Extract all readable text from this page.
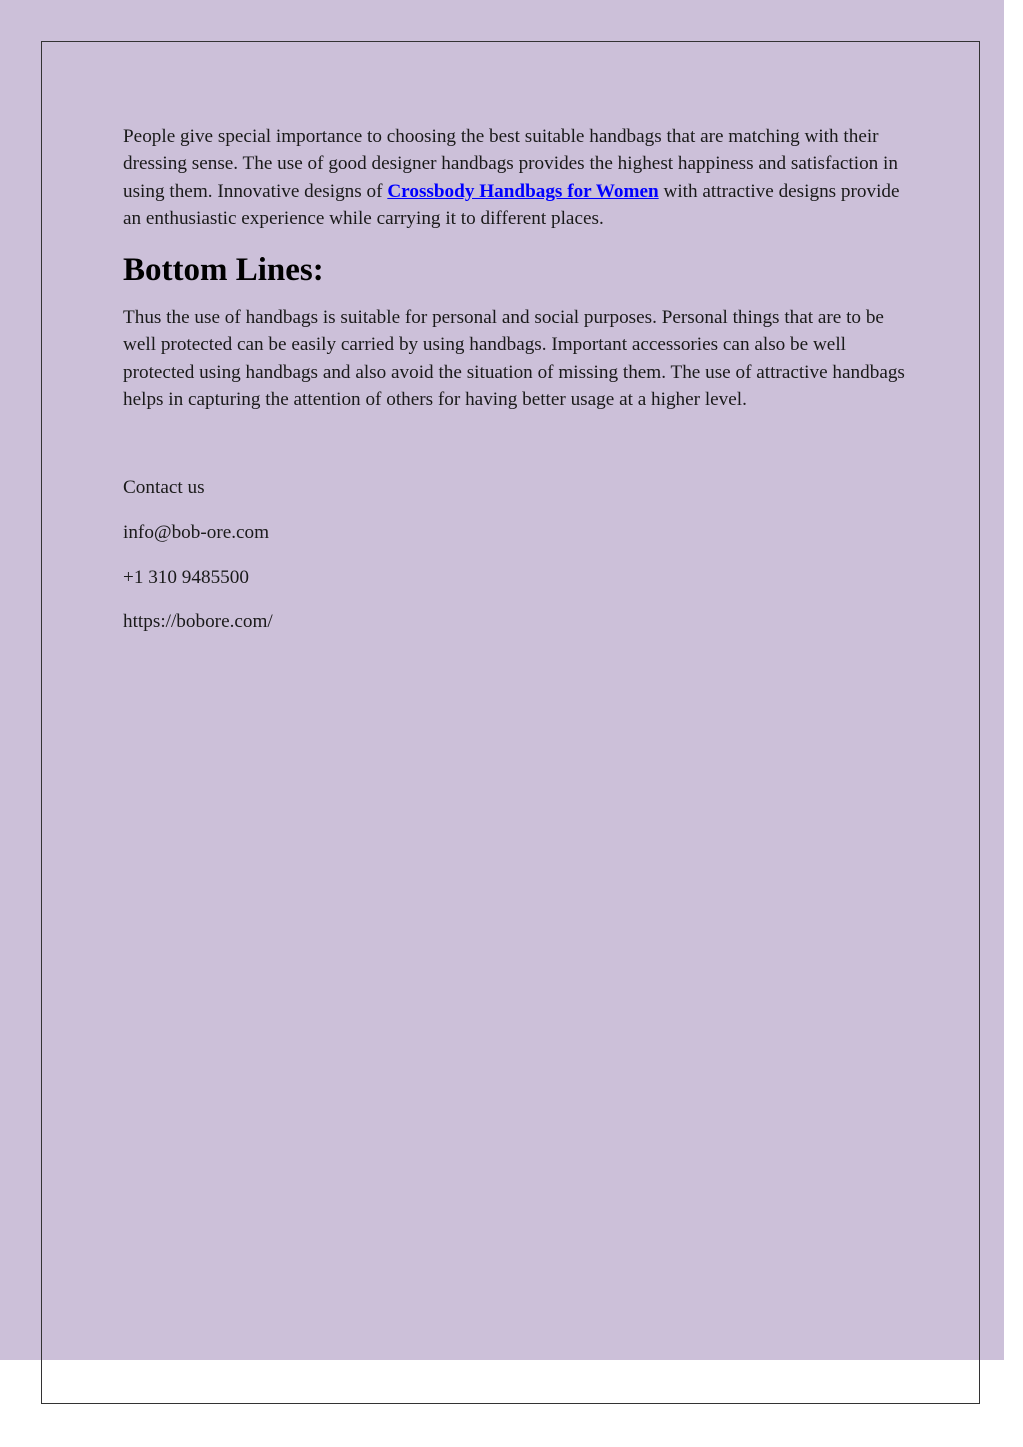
People give special importance to choosing the best suitable handbags that are matching with their dressing sense. The use of good designer handbags provides the highest happiness and satisfaction in using them. Innovative designs of Crossbody Handbags for Women with attractive designs provide an enthusiastic experience while carrying it to different places.

Bottom Lines:

Thus the use of handbags is suitable for personal and social purposes. Personal things that are to be well protected can be easily carried by using handbags. Important accessories can also be well protected using handbags and also avoid the situation of missing them. The use of attractive handbags helps in capturing the attention of others for having better usage at a higher level.

Contact us

info@bob-ore.com

+1 310 9485500

https://bobore.com/
